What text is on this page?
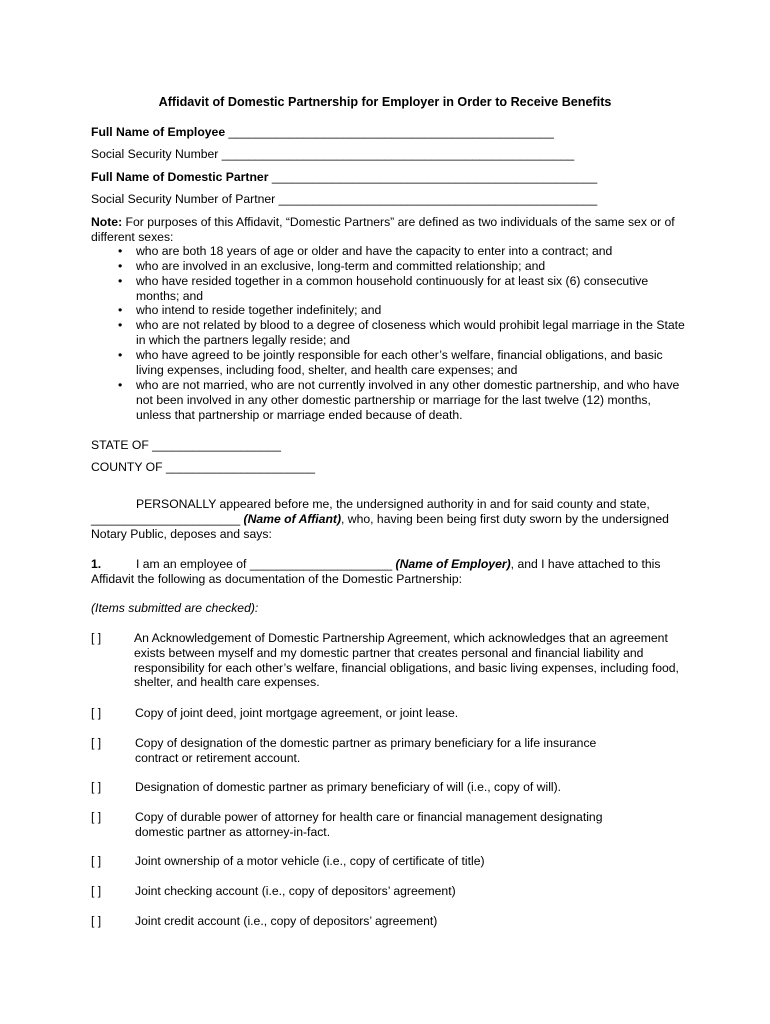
Affidavit of Domestic Partnership for Employer in Order to Receive Benefits
Full Name of Employee ________________________________________________
Social Security Number ____________________________________________________
Full Name of Domestic Partner ________________________________________________
Social Security Number of Partner _______________________________________________
Note: For purposes of this Affidavit, “Domestic Partners” are defined as two individuals of the same sex or of different sexes:
• who are both 18 years of age or older and have the capacity to enter into a contract; and
• who are involved in an exclusive, long-term and committed relationship; and
• who have resided together in a common household continuously for at least six (6) consecutive months; and
• who intend to reside together indefinitely; and
• who are not related by blood to a degree of closeness which would prohibit legal marriage in the State in which the partners legally reside; and
• who have agreed to be jointly responsible for each other’s welfare, financial obligations, and basic living expenses, including food, shelter, and health care expenses; and
• who are not married, who are not currently involved in any other domestic partnership, and who have not been involved in any other domestic partnership or marriage for the last twelve (12) months, unless that partnership or marriage ended because of death.
STATE OF ___________________
COUNTY OF ______________________
PERSONALLY appeared before me, the undersigned authority in and for said county and state, ______________________ (Name of Affiant), who, having been being first duty sworn by the undersigned Notary Public, deposes and says:
1.	I am an employee of _____________________ (Name of Employer), and I have attached to this Affidavit the following as documentation of the Domestic Partnership:
(Items submitted are checked):
[ ]	An Acknowledgement of Domestic Partnership Agreement, which acknowledges that an agreement exists between myself and my domestic partner that creates personal and financial liability and responsibility for each other’s welfare, financial obligations, and basic living expenses, including food, shelter, and health care expenses.
[ ]	Copy of joint deed, joint mortgage agreement, or joint lease.
[ ]	Copy of designation of the domestic partner as primary beneficiary for a life insurance contract or retirement account.
[ ]	Designation of domestic partner as primary beneficiary of will (i.e., copy of will).
[ ]	Copy of durable power of attorney for health care or financial management designating domestic partner as attorney-in-fact.
[ ]	Joint ownership of a motor vehicle (i.e., copy of certificate of title)
[ ]	Joint checking account (i.e., copy of depositors’ agreement)
[ ]	Joint credit account (i.e., copy of depositors’ agreement)
